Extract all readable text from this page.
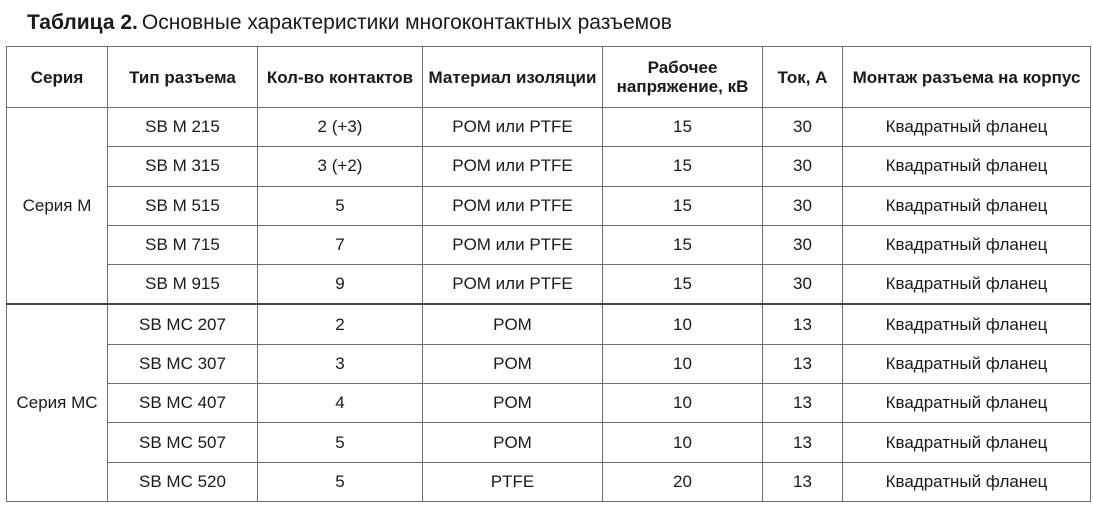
Таблица 2. Основные характеристики многоконтактных разъемов
Серия	Тип разъема	Кол-во контактов	Материал изоляции	Рабочее напряжение, кВ	Ток, А	Монтаж разъема на корпус
Серия M	SB M 215	2 (+3)	POM или PTFE	15	30	Квадратный фланец
	SB M 315	3 (+2)	POM или PTFE	15	30	Квадратный фланец
	SB M 515	5	POM или PTFE	15	30	Квадратный фланец
	SB M 715	7	POM или PTFE	15	30	Квадратный фланец
	SB M 915	9	POM или PTFE	15	30	Квадратный фланец
Серия MC	SB MC 207	2	POM	10	13	Квадратный фланец
	SB MC 307	3	POM	10	13	Квадратный фланец
	SB MC 407	4	POM	10	13	Квадратный фланец
	SB MC 507	5	POM	10	13	Квадратный фланец
	SB MC 520	5	PTFE	20	13	Квадратный фланец
